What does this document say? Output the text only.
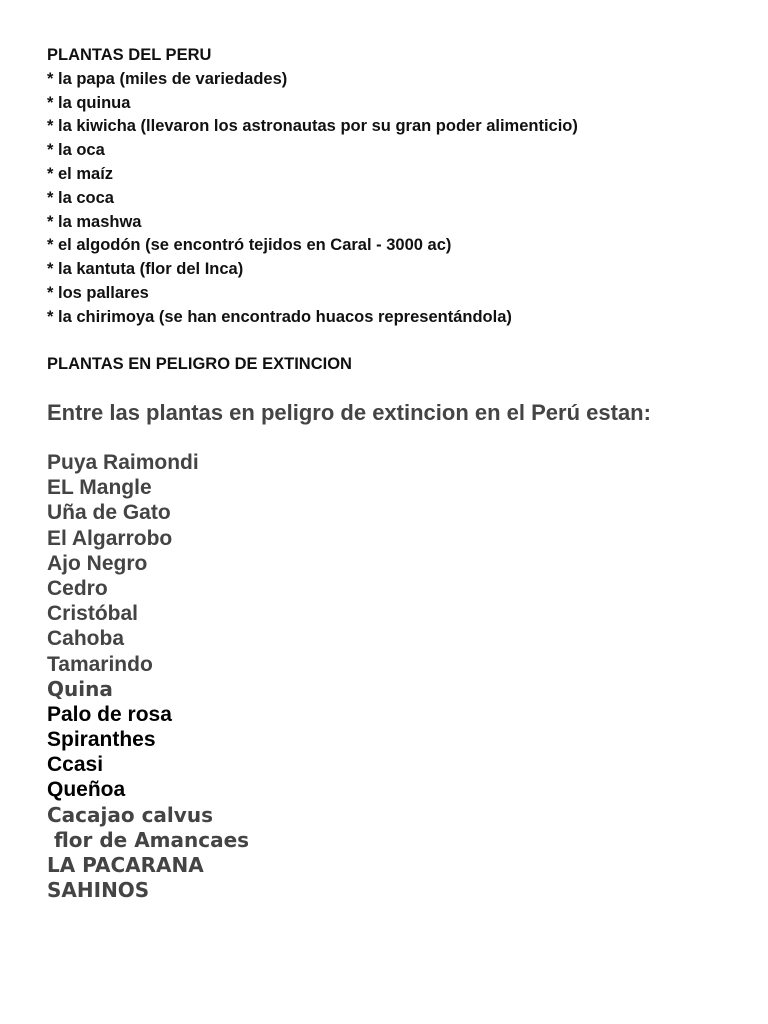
PLANTAS DEL PERU
* la papa (miles de variedades)
* la quinua
* la kiwicha (llevaron los astronautas por su gran poder alimenticio)
* la oca
* el maíz
* la coca
* la mashwa
* el algodón (se encontró tejidos en Caral - 3000 ac)
* la kantuta (flor del Inca)
* los pallares
* la chirimoya (se han encontrado huacos representándola)
PLANTAS EN PELIGRO DE EXTINCION
Entre las plantas en peligro de extincion en el Perú estan:
Puya Raimondi
EL Mangle
Uña de Gato
El Algarrobo
Ajo Negro
Cedro
Cristóbal
Cahoba
Tamarindo
Quina
Palo de rosa
Spiranthes
Ccasi
Queñoa
Cacajao calvus
flor de Amancaes
LA PACARANA
SAHINOS
